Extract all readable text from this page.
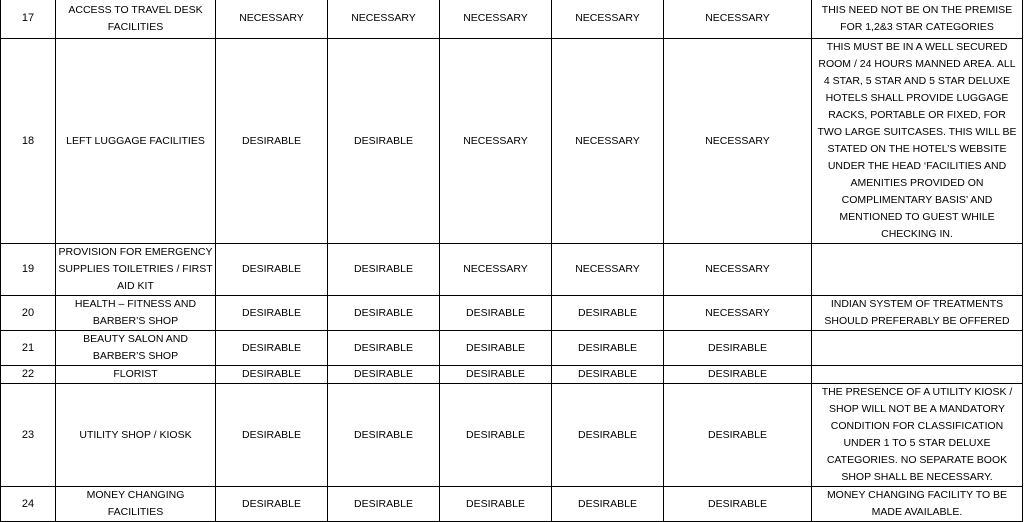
17	ACCESS TO TRAVEL DESK FACILITIES	NECESSARY	NECESSARY	NECESSARY	NECESSARY	NECESSARY	THIS NEED NOT BE ON THE PREMISE FOR 1,2&3 STAR CATEGORIES
18	LEFT LUGGAGE FACILITIES	DESIRABLE	DESIRABLE	NECESSARY	NECESSARY	NECESSARY	THIS MUST BE IN A WELL SECURED ROOM / 24 HOURS MANNED AREA. ALL 4 STAR, 5 STAR AND 5 STAR DELUXE HOTELS SHALL PROVIDE LUGGAGE RACKS, PORTABLE OR FIXED, FOR TWO LARGE SUITCASES. THIS WILL BE STATED ON THE HOTEL’S WEBSITE UNDER THE HEAD ‘FACILITIES AND AMENITIES PROVIDED ON COMPLIMENTARY BASIS’ AND MENTIONED TO GUEST WHILE CHECKING IN.
19	PROVISION FOR EMERGENCY SUPPLIES TOILETRIES / FIRST AID KIT	DESIRABLE	DESIRABLE	NECESSARY	NECESSARY	NECESSARY	
20	HEALTH – FITNESS AND BARBER’S SHOP	DESIRABLE	DESIRABLE	DESIRABLE	DESIRABLE	NECESSARY	INDIAN SYSTEM OF TREATMENTS SHOULD PREFERABLY BE OFFERED
21	BEAUTY SALON AND BARBER’S SHOP	DESIRABLE	DESIRABLE	DESIRABLE	DESIRABLE	DESIRABLE	
22	FLORIST	DESIRABLE	DESIRABLE	DESIRABLE	DESIRABLE	DESIRABLE	
23	UTILITY SHOP / KIOSK	DESIRABLE	DESIRABLE	DESIRABLE	DESIRABLE	DESIRABLE	THE PRESENCE OF A UTILITY KIOSK / SHOP WILL NOT BE A MANDATORY CONDITION FOR CLASSIFICATION UNDER 1 TO 5 STAR DELUXE CATEGORIES. NO SEPARATE BOOK SHOP SHALL BE NECESSARY.
24	MONEY CHANGING FACILITIES	DESIRABLE	DESIRABLE	DESIRABLE	DESIRABLE	DESIRABLE	MONEY CHANGING FACILITY TO BE MADE AVAILABLE.
